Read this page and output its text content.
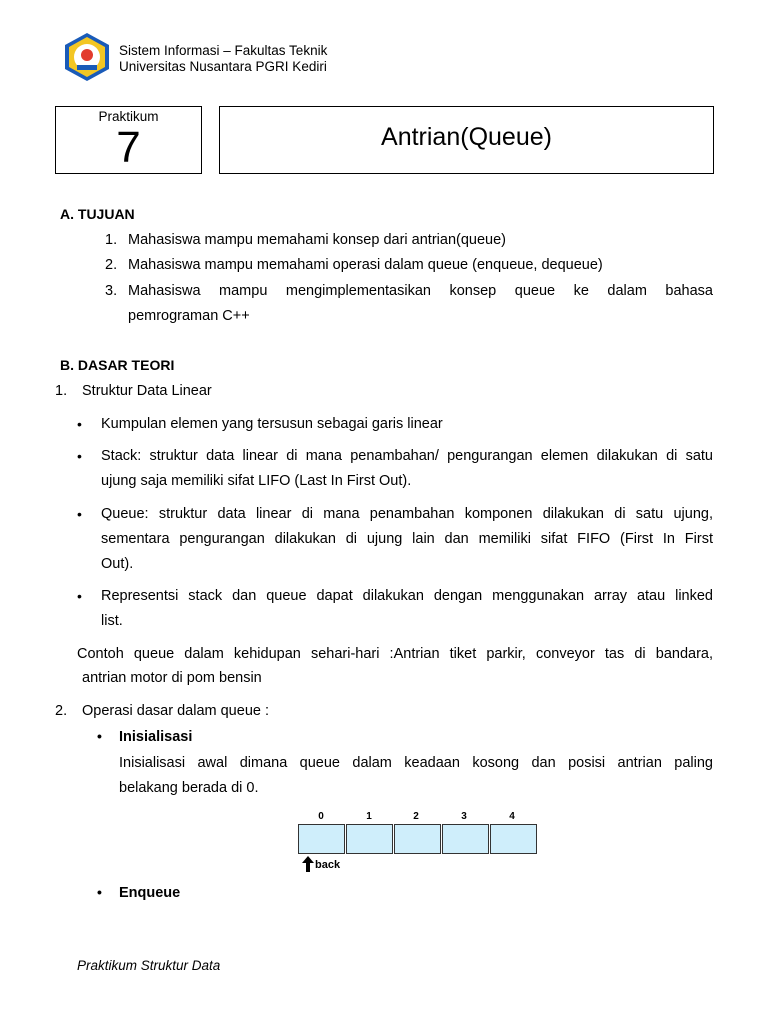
Sistem Informasi – Fakultas Teknik
Universitas Nusantara PGRI Kediri
Praktikum
7	Antrian(Queue)
A. TUJUAN
1. Mahasiswa mampu memahami konsep dari antrian(queue)
2. Mahasiswa mampu memahami operasi dalam queue (enqueue, dequeue)
3. Mahasiswa mampu mengimplementasikan konsep queue ke dalam bahasa
pemrograman C++
B. DASAR TEORI
1. Struktur Data Linear
• Kumpulan elemen yang tersusun sebagai garis linear
• Stack: struktur data linear di mana penambahan/ pengurangan elemen dilakukan di satu
ujung saja memiliki sifat LIFO (Last In First Out).
• Queue: struktur data linear di mana penambahan komponen dilakukan di satu ujung,
sementara pengurangan dilakukan di ujung lain dan memiliki sifat FIFO (First In First
Out).
• Representsi stack dan queue dapat dilakukan dengan menggunakan array atau linked
list.
Contoh queue dalam kehidupan sehari-hari :Antrian tiket parkir, conveyor tas di bandara,
antrian motor di pom bensin
2. Operasi dasar dalam queue :
• Inisialisasi
Inisialisasi awal dimana queue dalam keadaan kosong dan posisi antrian paling
belakang berada di 0.
0	1	2	3	4
back
• Enqueue
Praktikum Struktur Data
